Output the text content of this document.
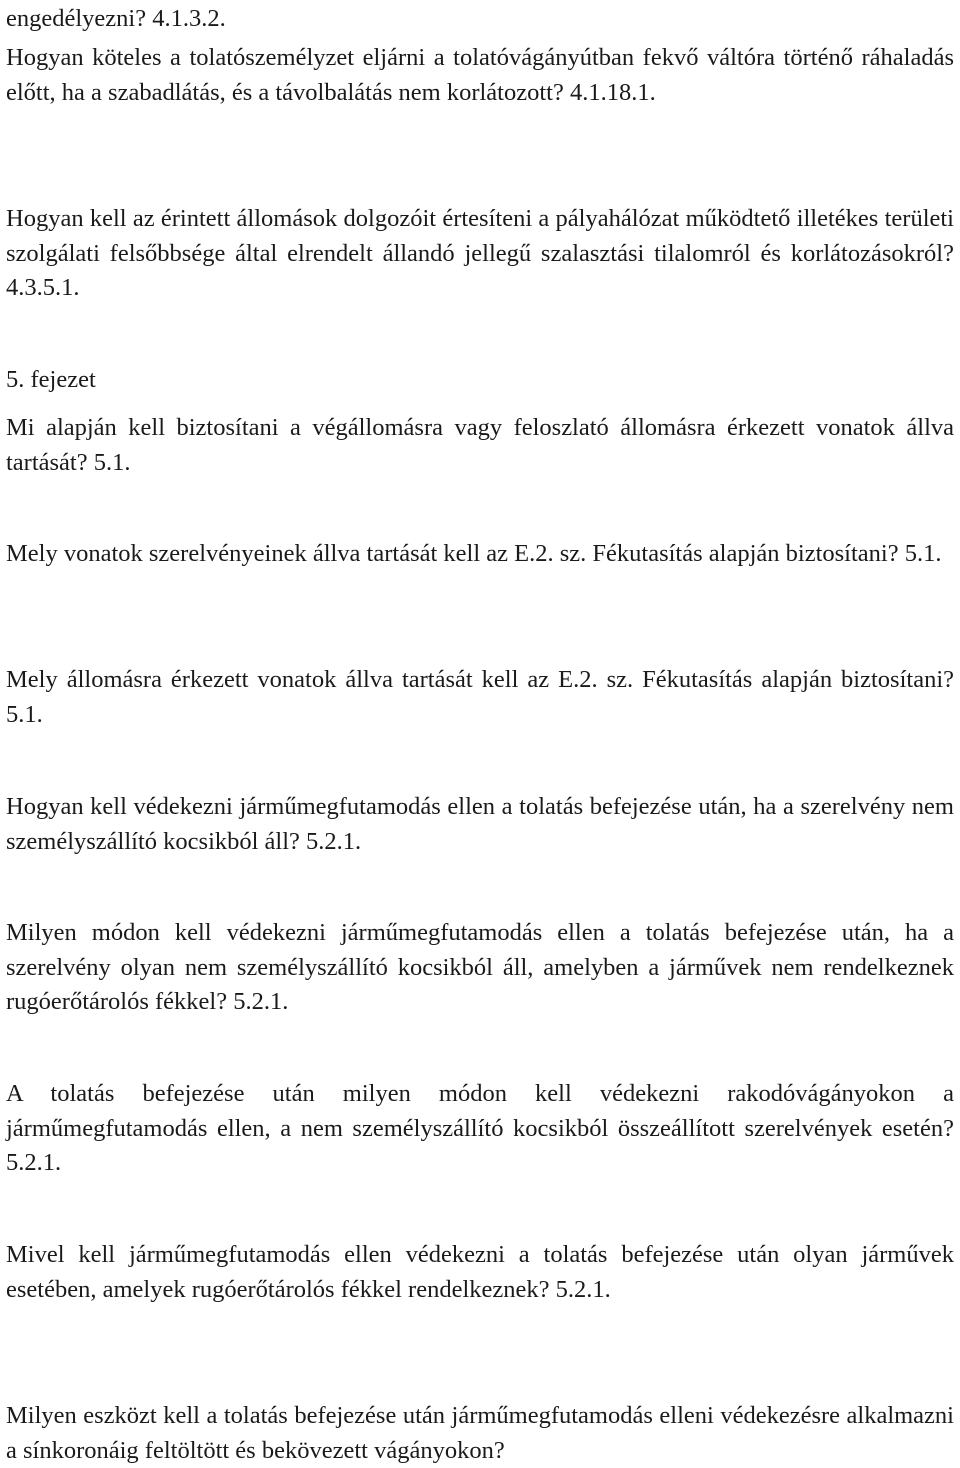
engedélyezni? 4.1.3.2.

Hogyan köteles a tolatószemélyzet eljárni a tolatóvágányútban fekvő váltóra történő ráhaladás előtt, ha a szabadlátás, és a távolbalátás nem korlátozott? 4.1.18.1.

Hogyan kell az érintett állomások dolgozóit értesíteni a pályahálózat működtető illetékes területi szolgálati felsőbbsége által elrendelt állandó jellegű szalasztási tilalomról és korlátozásokról? 4.3.5.1.

5. fejezet

Mi alapján kell biztosítani a végállomásra vagy feloszlató állomásra érkezett vonatok állva tartását? 5.1.

Mely vonatok szerelvényeinek állva tartását kell az E.2. sz. Fékutasítás alapján biztosítani? 5.1.

Mely állomásra érkezett vonatok állva tartását kell az E.2. sz. Fékutasítás alapján biztosítani? 5.1.

Hogyan kell védekezni járműmegfutamodás ellen a tolatás befejezése után, ha a szerelvény nem személyszállító kocsikból áll? 5.2.1.

Milyen módon kell védekezni járműmegfutamodás ellen a tolatás befejezése után, ha a szerelvény olyan nem személyszállító kocsikból áll, amelyben a járművek nem rendelkeznek rugóerőtárolós fékkel? 5.2.1.

A tolatás befejezése után milyen módon kell védekezni rakodóvágányokon a járműmegfutamodás ellen, a nem személyszállító kocsikból összeállított szerelvények esetén? 5.2.1.

Mivel kell járműmegfutamodás ellen védekezni a tolatás befejezése után olyan járművek esetében, amelyek rugóerőtárolós fékkel rendelkeznek? 5.2.1.

Milyen eszközt kell a tolatás befejezése után járműmegfutamodás elleni védekezésre alkalmazni a sínkoronáig feltöltött és bekövezett vágányokon?
